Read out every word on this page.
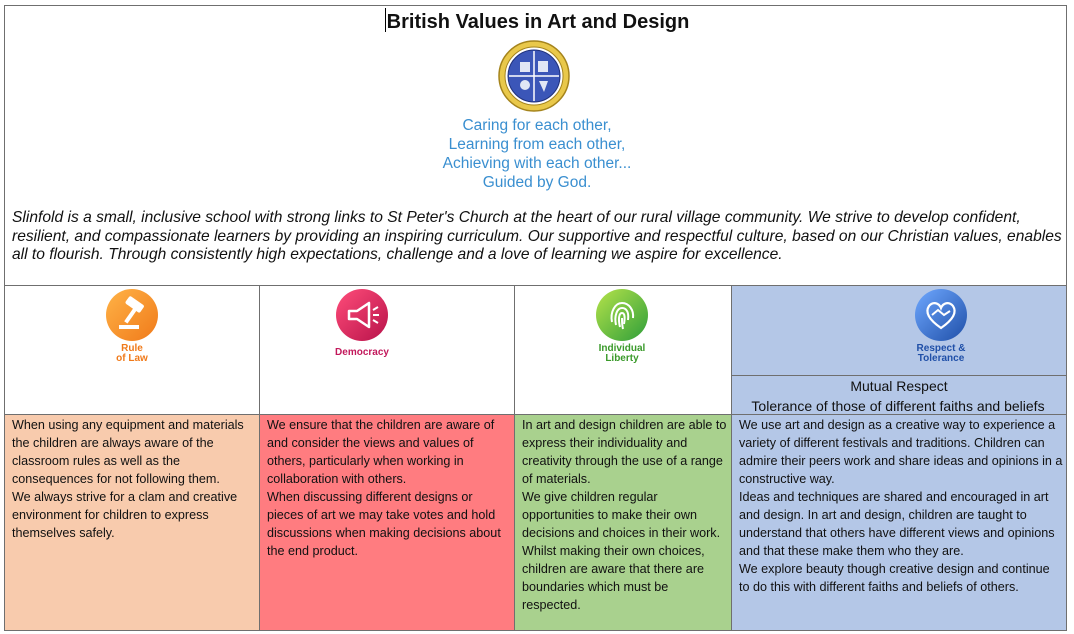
British Values in Art and Design
Caring for each other,
Learning from each other,
Achieving with each other...
Guided by God.
Slinfold is a small, inclusive school with strong links to St Peter's Church at the heart of our rural village community. We strive to develop confident, resilient, and compassionate learners by providing an inspiring curriculum. Our supportive and respectful culture, based on our Christian values, enables all to flourish. Through consistently high expectations, challenge and a love of learning we aspire for excellence.
Rule
of Law
Democracy	Individual
Liberty
Respect &
Tolerance
Mutual Respect
Tolerance of those of different faiths and beliefs

When using any equipment and materials the children are always aware of the classroom rules as well as the consequences for not following them.

We always strive for a clam and creative environment for children to express themselves safely.

We ensure that the children are aware of and consider the views and values of others, particularly when working in collaboration with others.

When discussing different designs or pieces of art we may take votes and hold discussions when making decisions about the end product.

In art and design children are able to express their individuality and creativity through the use of a range of materials.

We give children regular opportunities to make their own decisions and choices in their work.

Whilst making their own choices, children are aware that there are boundaries which must be respected.

We use art and design as a creative way to experience a variety of different festivals and traditions. Children can admire their peers work and share ideas and opinions in a constructive way.

Ideas and techniques are shared and encouraged in art and design. In art and design, children are taught to understand that others have different views and opinions and that these make them who they are.

We explore beauty though creative design and continue to do this with different faiths and beliefs of others.
